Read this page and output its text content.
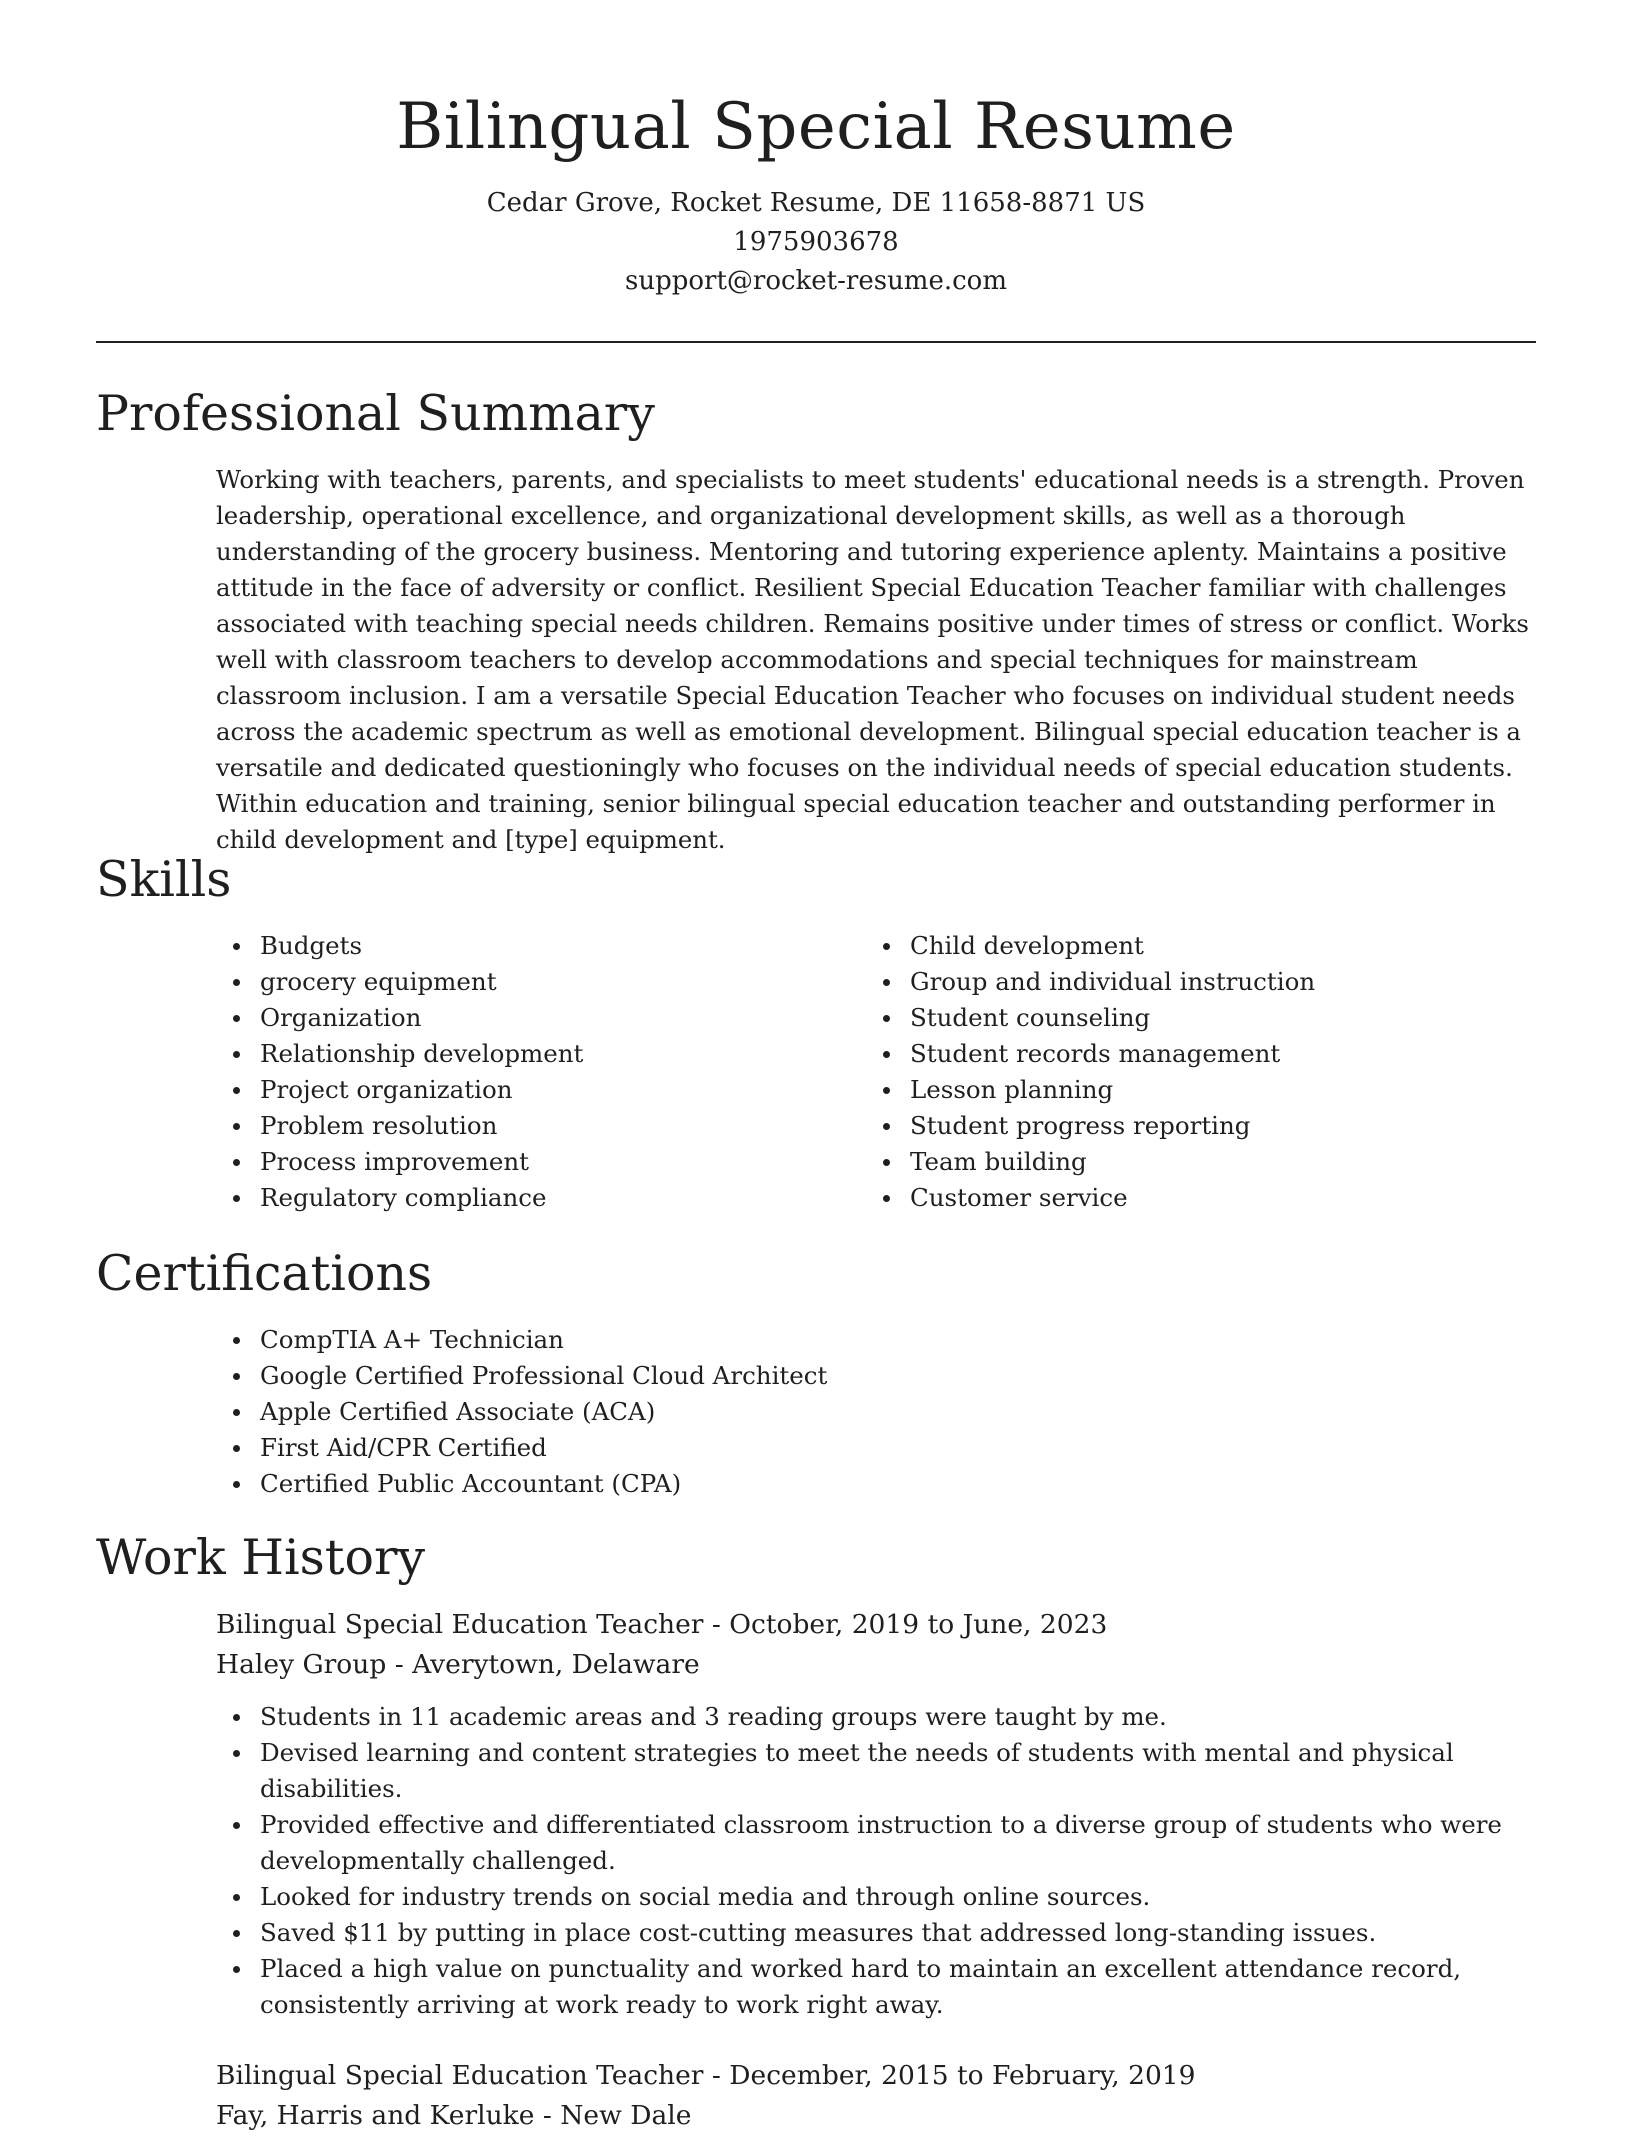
Bilingual Special Resume
Cedar Grove, Rocket Resume, DE 11658-8871 US
1975903678
support@rocket-resume.com
Professional Summary

Working with teachers, parents, and specialists to meet students' educational needs is a strength. Proven leadership, operational excellence, and organizational development skills, as well as a thorough understanding of the grocery business. Mentoring and tutoring experience aplenty. Maintains a positive attitude in the face of adversity or conflict. Resilient Special Education Teacher familiar with challenges associated with teaching special needs children. Remains positive under times of stress or conflict. Works well with classroom teachers to develop accommodations and special techniques for mainstream classroom inclusion. I am a versatile Special Education Teacher who focuses on individual student needs across the academic spectrum as well as emotional development. Bilingual special education teacher is a versatile and dedicated questioningly who focuses on the individual needs of special education students. Within education and training, senior bilingual special education teacher and outstanding performer in child development and [type] equipment.

Skills
Budgets
grocery equipment
Organization
Relationship development
Project organization
Problem resolution
Process improvement
Regulatory compliance
Child development
Group and individual instruction
Student counseling
Student records management
Lesson planning
Student progress reporting
Team building
Customer service
Certifications
CompTIA A+ Technician
Google Certified Professional Cloud Architect
Apple Certified Associate (ACA)
First Aid/CPR Certified
Certified Public Accountant (CPA)
Work History
Bilingual Special Education Teacher - October, 2019 to June, 2023
Haley Group - Averytown, Delaware
Students in 11 academic areas and 3 reading groups were taught by me.
Devised learning and content strategies to meet the needs of students with mental and physical disabilities.
Provided effective and differentiated classroom instruction to a diverse group of students who were developmentally challenged.
Looked for industry trends on social media and through online sources.
Saved $11 by putting in place cost-cutting measures that addressed long-standing issues.
Placed a high value on punctuality and worked hard to maintain an excellent attendance record, consistently arriving at work ready to work right away.
Bilingual Special Education Teacher - December, 2015 to February, 2019
Fay, Harris and Kerluke - New Dale
